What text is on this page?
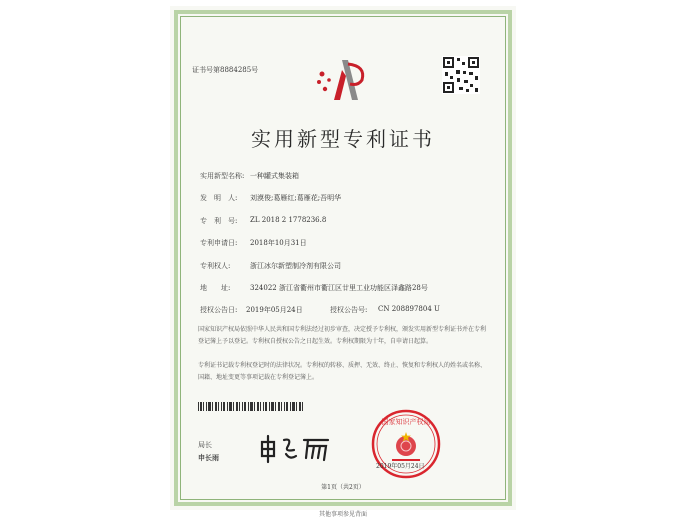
证书号第8884285号
实用新型专利证书
实用新型名称: 一种罐式集装箱
发　明　人: 刘漠俊;葛雁红;葛雁花;吾明华
专　利　号: ZL 2018 2 1778236.8
专利申请日: 2018年10月31日
专利权人:	浙江冰尔新塑制冷剂有限公司
地　　址:	324022 浙江省衢州市衢江区廿里工业功能区泽鑫路28号
授权公告日: 2019年05月24日	授权公告号: CN 208897804 U
国家知识产权局依照中华人民共和国专利法经过初步审查，决定授予专利权，颁发实用新型专利证书并在专利登记簿上予以登记。专利权自授权公告之日起生效。专利权期限为十年，自申请日起算。
专利证书记载专利权登记时的法律状况。专利权的转移、质押、无效、终止、恢复和专利权人的姓名或名称、国籍、地址变更等事项记载在专利登记簿上。
局长
申长雨
国家知识产权局
2019年05月24日
第1页（共2页）
其他事项参见背面
